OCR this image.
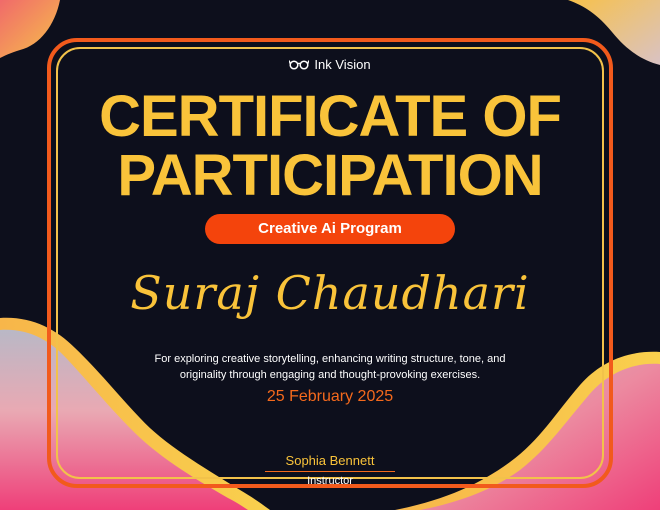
Ink Vision
CERTIFICATE OF
PARTICIPATION
Creative Ai Program
Suraj Chaudhari
For exploring creative storytelling, enhancing writing structure, tone, and originality through engaging and thought-provoking exercises.
25 February 2025
Sophia Bennett
Instructor
